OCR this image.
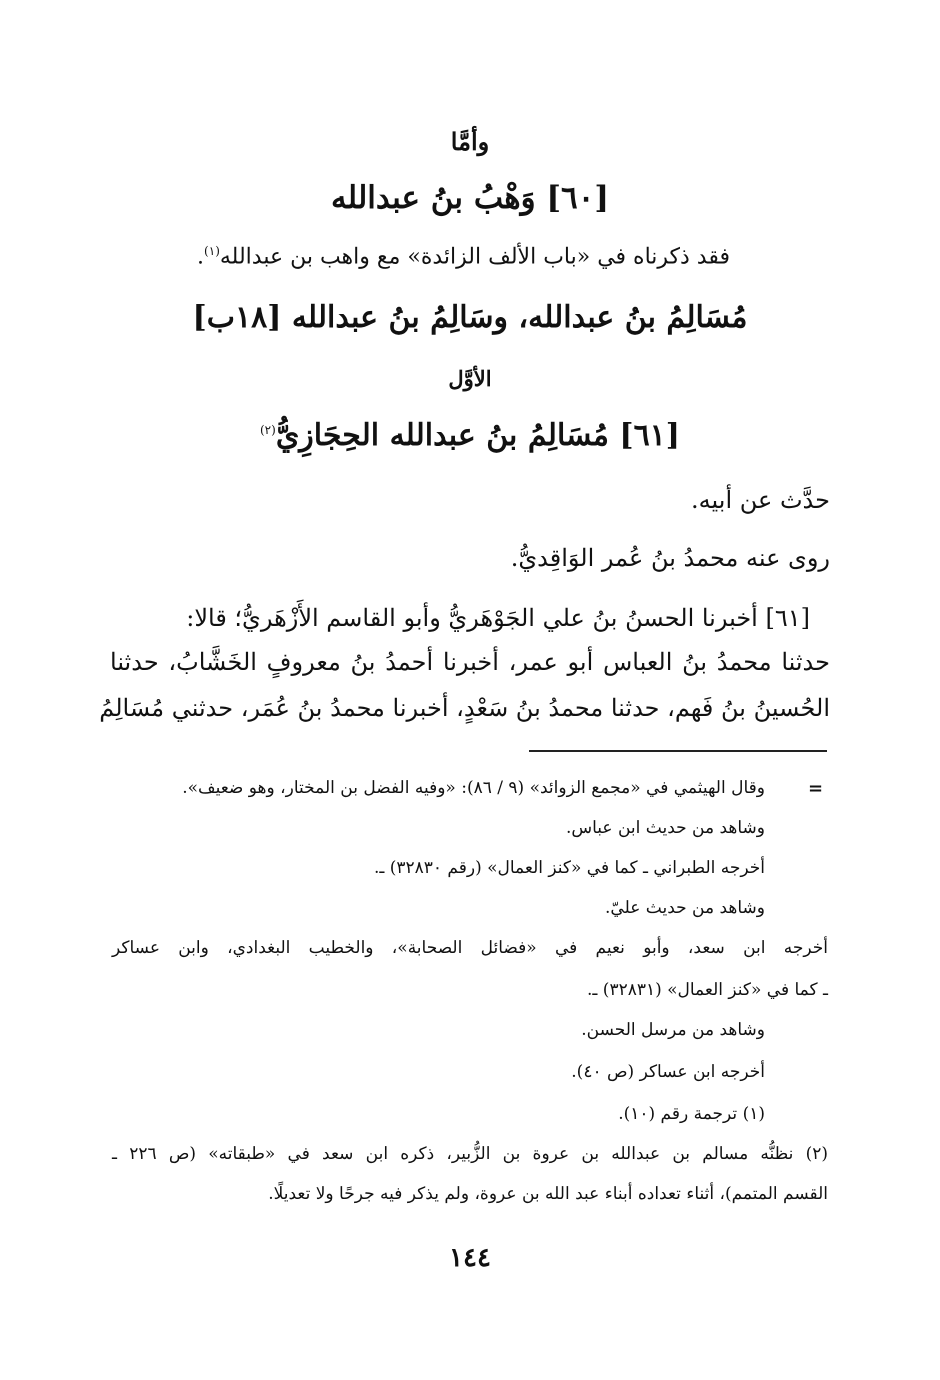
وأمَّا
[٦٠] وَهْبُ بنُ عبدالله
فقد ذكرناه في «باب الألف الزائدة» مع واهب بن عبدالله$^{(١)}$.
مُسَالِمُ بنُ عبدالله، وسَالِمُ بنُ عبدالله [١٨ب]
الأوَّل
[٦١] مُسَالِمُ بنُ عبدالله الحِجَازِيُّ$^{(٢)}$
حدَّث عن أبيه.
روى عنه محمدُ بنُ عُمر الوَاقِديُّ.
[٦١] أخبرنا الحسنُ بنُ علي الجَوْهَريُّ وأبو القاسم الأَزْهَريُّ؛ قالا:
حدثنا محمدُ بنُ العباس أبو عمر، أخبرنا أحمدُ بنُ معروفٍ الخَشَّابُ، حدثنا
الحُسينُ بنُ فَهم، حدثنا محمدُ بنُ سَعْدٍ، أخبرنا محمدُ بنُ عُمَر، حدثني مُسَالِمُ
=
وقال الهيثمي في «مجمع الزوائد» (٩ / ٨٦): «وفيه الفضل بن المختار، وهو ضعيف».
وشاهد من حديث ابن عباس.
أخرجه الطبراني ـ كما في «كنز العمال» (رقم ٣٢٨٣٠) ـ.
وشاهد من حديث عليّ.
أخرجه ابن سعد، وأبو نعيم في «فضائل الصحابة»، والخطيب البغدادي، وابن عساكر
ـ كما في «كنز العمال» (٣٢٨٣١) ـ.
وشاهد من مرسل الحسن.
أخرجه ابن عساكر (ص ٤٠).
(١) ترجمة رقم (١٠).
(٢) نظنُّه مسالم بن عبدالله بن عروة بن الزُّبير، ذكره ابن سعد في «طبقاته» (ص ٢٢٦ ـ
القسم المتمم)، أثناء تعداده أبناء عبد الله بن عروة، ولم يذكر فيه جرحًا ولا تعديلًا.
١٤٤
